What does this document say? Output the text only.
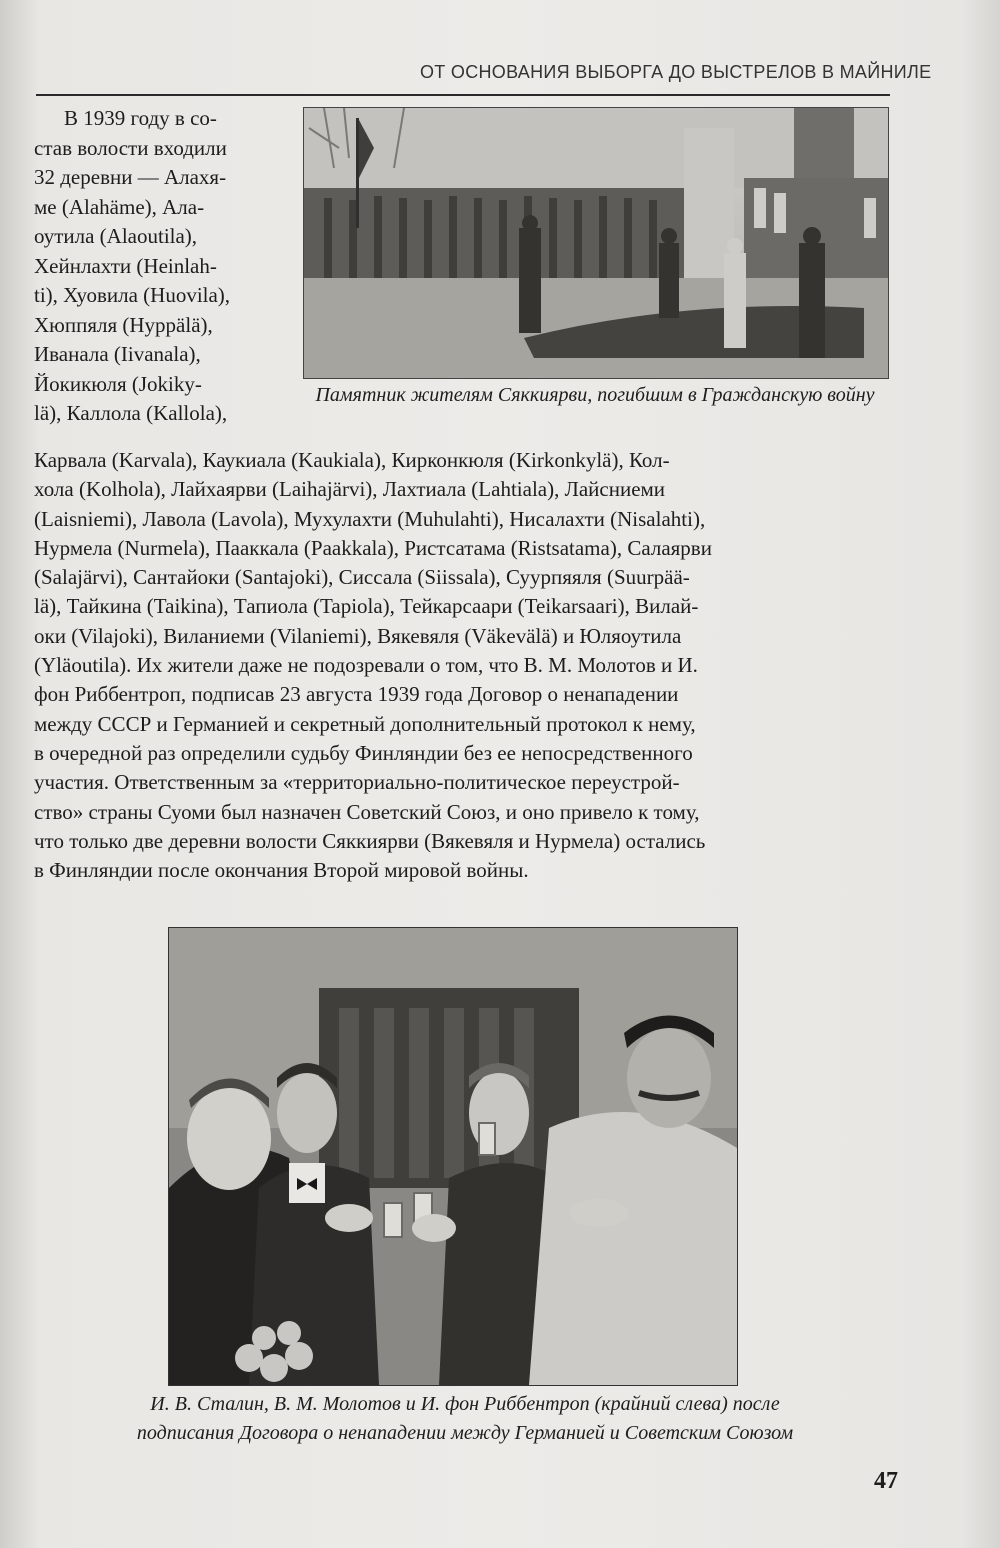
ОТ ОСНОВАНИЯ ВЫБОРГА ДО ВЫСТРЕЛОВ В МАЙНИЛЕ
В 1939 году в со-
став волости входили
32 деревни — Алахя-
ме (Alahäme), Ала-
оутила (Alaoutila),
Хейнлахти (Heinlah-
ti), Хуовила (Huovila),
Хюппяля (Hyppälä),
Иванала (Iivanala),
Йокикюля (Jokiky-
lä), Каллола (Kallola),
Памятник жителям Сяккиярви, погибшим в Гражданскую войну
Карвала (Karvala), Каукиала (Kaukiala), Кирконкюля (Kirkonkylä), Кол-
хола (Kolhola), Лайхаярви (Laihajärvi), Лахтиала (Lahtiala), Лайсниеми
(Laisniemi), Лавола (Lavola), Мухулахти (Muhulahti), Нисалахти (Nisalahti),
Нурмела (Nurmela), Пааккала (Paakkala), Ристсатама (Ristsatama), Салаярви
(Salajärvi), Сантайоки (Santajoki), Сиссала (Siissala), Суурпяяля (Suurpää-
lä), Тайкина (Taikina), Тапиола (Tapiola), Тейкарсаари (Teikarsaari), Вилай-
оки (Vilajoki), Виланиеми (Vilaniemi), Вякевяля (Väkevälä) и Юляоутила
(Yläoutila). Их жители даже не подозревали о том, что В. М. Молотов и И.
фон Риббентроп, подписав 23 августа 1939 года Договор о ненападении
между СССР и Германией и секретный дополнительный протокол к нему,
в очередной раз определили судьбу Финляндии без ее непосредственного
участия. Ответственным за «территориально-политическое переустрой-
ство» страны Суоми был назначен Советский Союз, и оно привело к тому,
что только две деревни волости Сяккиярви (Вякевяля и Нурмела) остались
в Финляндии после окончания Второй мировой войны.
И. В. Сталин, В. М. Молотов и И. фон Риббентроп (крайний слева) после
подписания Договора о ненападении между Германией и Советским Союзом
47
